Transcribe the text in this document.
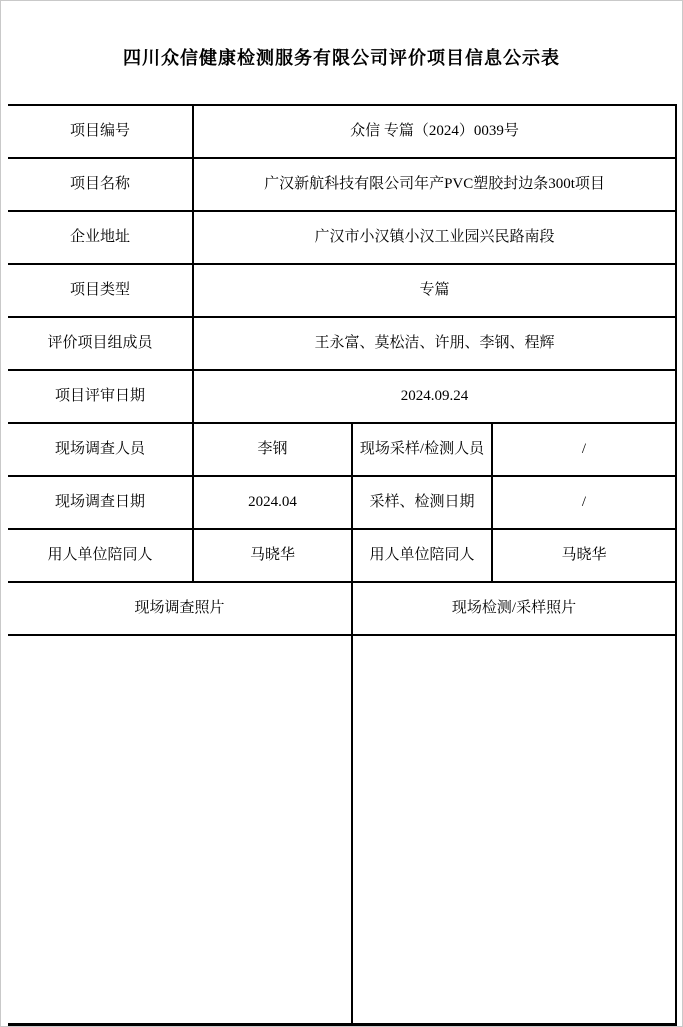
四川众信健康检测服务有限公司评价项目信息公示表
项目编号	众信 专篇（2024）0039号
项目名称	广汉新航科技有限公司年产PVC塑胶封边条300t项目
企业地址	广汉市小汉镇小汉工业园兴民路南段
项目类型	专篇
评价项目组成员	王永富、莫松洁、许朋、李钢、程辉
项目评审日期	2024.09.24
现场调查人员	李钢	现场采样/检测人员	/
现场调查日期	2024.04	采样、检测日期	/
用人单位陪同人	马晓华	用人单位陪同人	马晓华
现场调查照片	现场检测/采样照片
